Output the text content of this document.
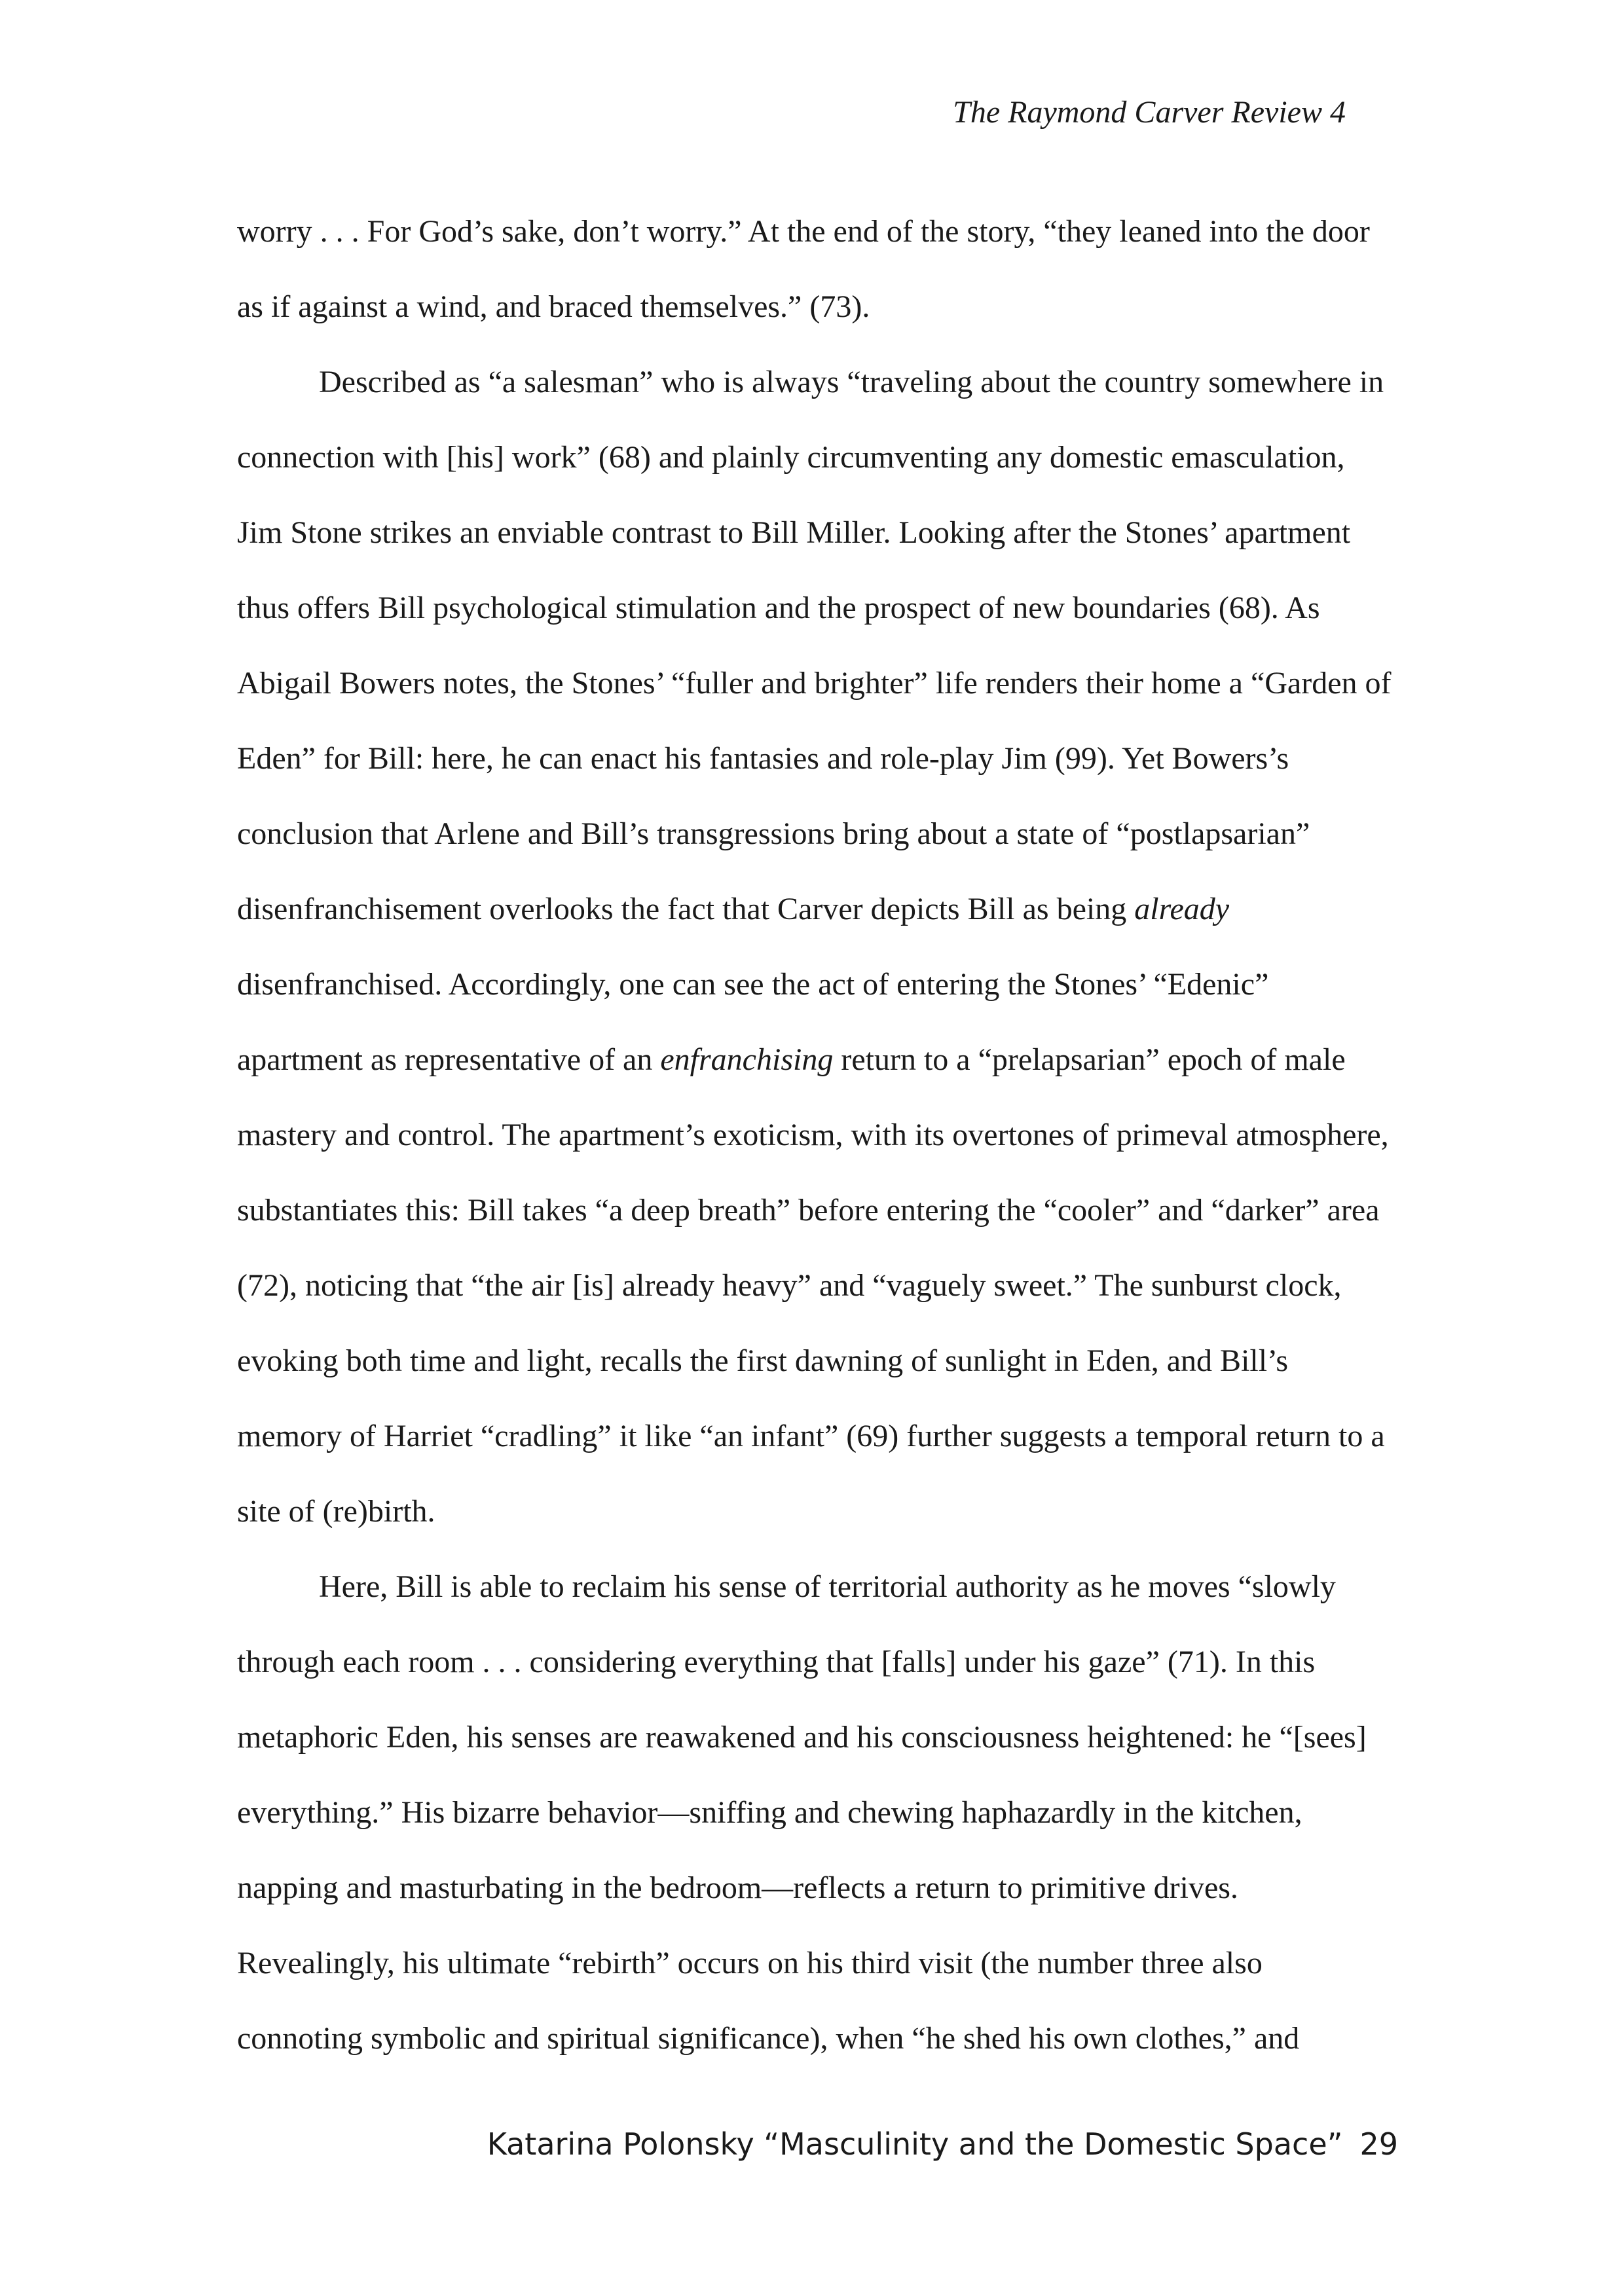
The Raymond Carver Review 4

worry . . . For God’s sake, don’t worry.” At the end of the story, “they leaned into the door as if against a wind, and braced themselves.” (73).

Described as “a salesman” who is always “traveling about the country somewhere in connection with [his] work” (68) and plainly circumventing any domestic emasculation, Jim Stone strikes an enviable contrast to Bill Miller. Looking after the Stones’ apartment thus offers Bill psychological stimulation and the prospect of new boundaries (68). As Abigail Bowers notes, the Stones’ “fuller and brighter” life renders their home a “Garden of Eden” for Bill: here, he can enact his fantasies and role-play Jim (99). Yet Bowers’s conclusion that Arlene and Bill’s transgressions bring about a state of “postlapsarian” disenfranchisement overlooks the fact that Carver depicts Bill as being already disenfranchised. Accordingly, one can see the act of entering the Stones’ “Edenic” apartment as representative of an enfranchising return to a “prelapsarian” epoch of male mastery and control. The apartment’s exoticism, with its overtones of primeval atmosphere, substantiates this: Bill takes “a deep breath” before entering the “cooler” and “darker” area (72), noticing that “the air [is] already heavy” and “vaguely sweet.” The sunburst clock, evoking both time and light, recalls the first dawning of sunlight in Eden, and Bill’s memory of Harriet “cradling” it like “an infant” (69) further suggests a temporal return to a site of (re)birth.

Here, Bill is able to reclaim his sense of territorial authority as he moves “slowly through each room . . . considering everything that [falls] under his gaze” (71). In this metaphoric Eden, his senses are reawakened and his consciousness heightened: he “[sees] everything.” His bizarre behavior—sniffing and chewing haphazardly in the kitchen, napping and masturbating in the bedroom—reflects a return to primitive drives. Revealingly, his ultimate “rebirth” occurs on his third visit (the number three also connoting symbolic and spiritual significance), when “he shed his own clothes,” and

Katarina Polonsky “Masculinity and the Domestic Space” 29
